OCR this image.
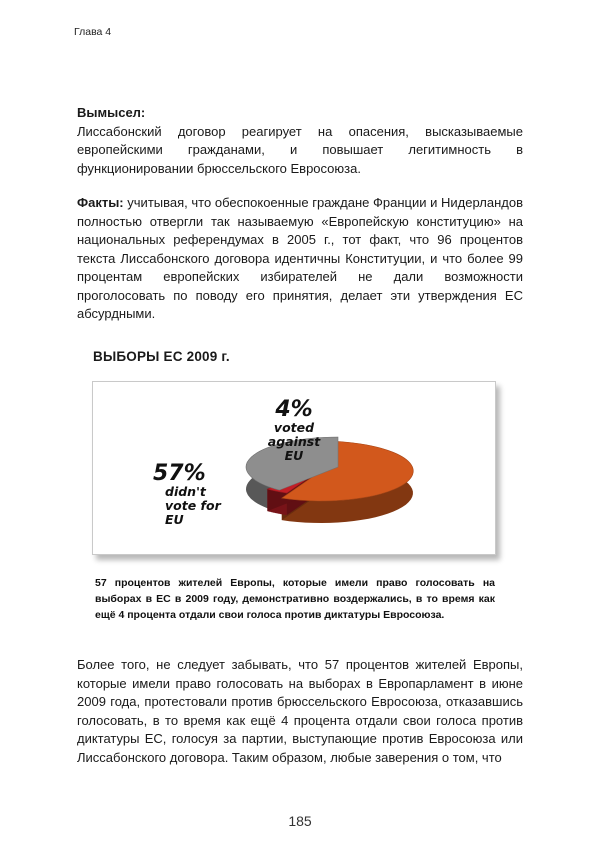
Глава 4
Вымысел:
Лиссабонский договор реагирует на опасения, высказываемые европейскими гражданами, и повышает легитимность в функционировании брюссельского Евросоюза.
Факты: учитывая, что обеспокоенные граждане Франции и Нидерландов полностью отвергли так называемую «Европейскую конституцию» на национальных референдумах в 2005 г., тот факт, что 96 процентов текста Лиссабонского договора идентичны Конституции, и что более 99 процентам европейских избирателей не дали возможности проголосовать по поводу его принятия, делает эти утверждения ЕС абсурдными.
ВЫБОРЫ ЕС 2009 г.
57%
didn't
vote for
EU
4%
voted
against
EU
57 процентов жителей Европы, которые имели право голосовать на выборах в ЕС в 2009 году, демонстративно воздержались, в то время как ещё 4 процента отдали свои голоса против диктатуры Евросоюза.
Более того, не следует забывать, что 57 процентов жителей Европы, которые имели право голосовать на выборах в Европарламент в июне 2009 года, протестовали против брюссельского Евросоюза, отказавшись голосовать, в то время как ещё 4 процента отдали свои голоса против диктатуры ЕС, голосуя за партии, выступающие против Евросоюза или Лиссабонского договора. Таким образом, любые заверения о том, что
185
